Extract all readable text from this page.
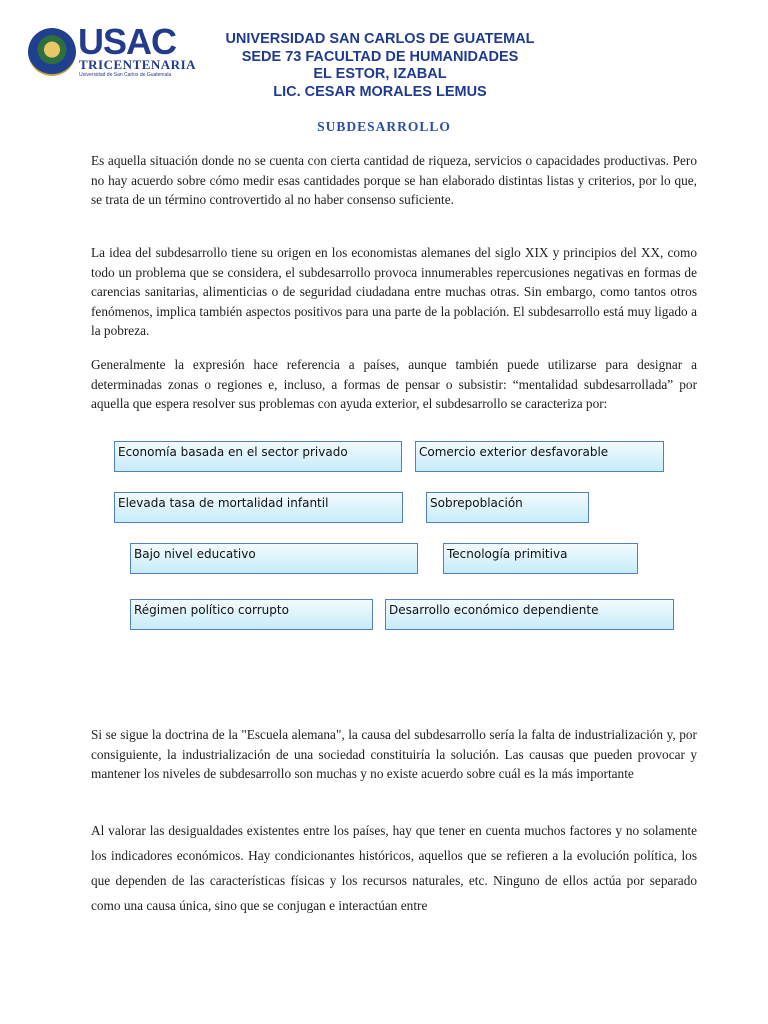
USAC
TRICENTENARIA
Universidad de San Carlos de Guatemala
UNIVERSIDAD SAN CARLOS DE GUATEMAL
SEDE 73 FACULTAD DE HUMANIDADES
EL ESTOR, IZABAL
LIC. CESAR MORALES LEMUS
SUBDESARROLLO

Es aquella situación donde no se cuenta con cierta cantidad de riqueza, servicios o capacidades productivas. Pero no hay acuerdo sobre cómo medir esas cantidades porque se han elaborado distintas listas y criterios, por lo que, se trata de un término controvertido al no haber consenso suficiente.

La idea del subdesarrollo tiene su origen en los economistas alemanes del siglo XIX y principios del XX, como todo un problema que se considera, el subdesarrollo provoca innumerables repercusiones negativas en formas de carencias sanitarias, alimenticias o de seguridad ciudadana entre muchas otras. Sin embargo, como tantos otros fenómenos, implica también aspectos positivos para una parte de la población. El subdesarrollo está muy ligado a la pobreza.

Generalmente la expresión hace referencia a países, aunque también puede utilizarse para designar a determinadas zonas o regiones e, incluso, a formas de pensar o subsistir: “mentalidad subdesarrollada” por aquella que espera resolver sus problemas con ayuda exterior, el subdesarrollo se caracteriza por:

Economía basada en el sector privado	Comercio exterior desfavorable
Elevada tasa de mortalidad infantil	Sobrepoblación
Bajo nivel educativo	Tecnología primitiva
Régimen político corrupto	Desarrollo económico dependiente

Si se sigue la doctrina de la "Escuela alemana", la causa del subdesarrollo sería la falta de industrialización y, por consiguiente, la industrialización de una sociedad constituiría la solución. Las causas que pueden provocar y mantener los niveles de subdesarrollo son muchas y no existe acuerdo sobre cuál es la más importante

Al valorar las desigualdades existentes entre los países, hay que tener en cuenta muchos factores y no solamente los indicadores económicos. Hay condicionantes históricos, aquellos que se refieren a la evolución política, los que dependen de las características físicas y los recursos naturales, etc. Ninguno de ellos actúa por separado como una causa única, sino que se conjugan e interactúan entre
